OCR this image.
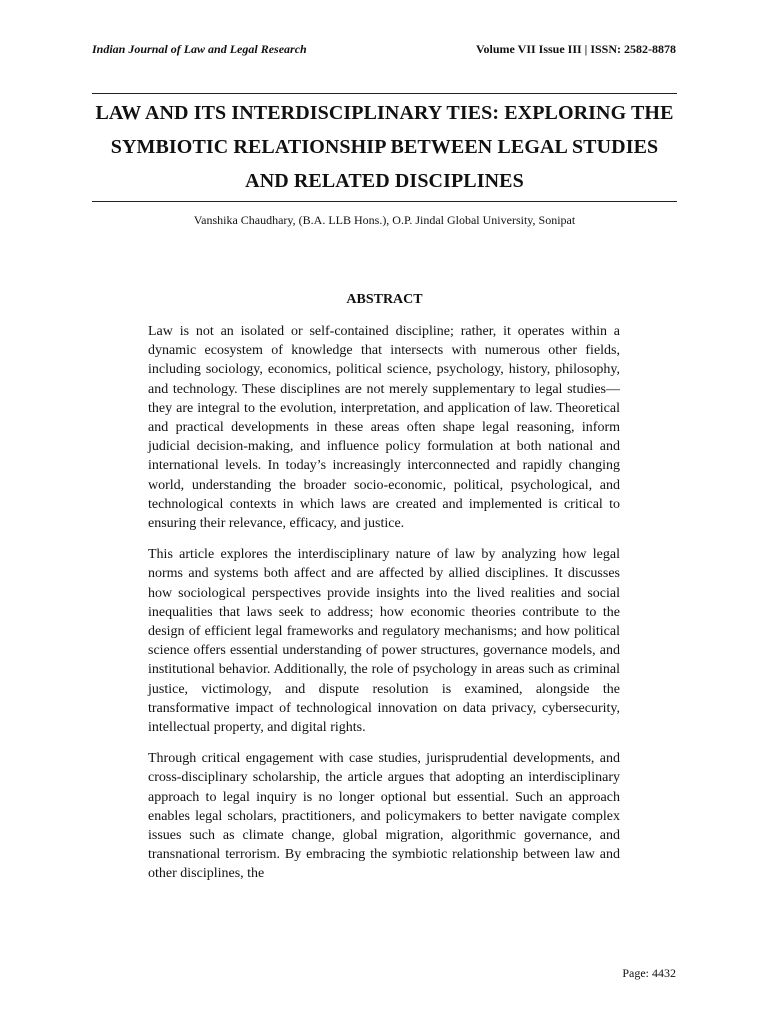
Indian Journal of Law and Legal Research	Volume VII Issue III | ISSN: 2582-8878
LAW AND ITS INTERDISCIPLINARY TIES: EXPLORING THE SYMBIOTIC RELATIONSHIP BETWEEN LEGAL STUDIES AND RELATED DISCIPLINES
Vanshika Chaudhary, (B.A. LLB Hons.), O.P. Jindal Global University, Sonipat
ABSTRACT

Law is not an isolated or self-contained discipline; rather, it operates within a dynamic ecosystem of knowledge that intersects with numerous other fields, including sociology, economics, political science, psychology, history, philosophy, and technology. These disciplines are not merely supplementary to legal studies—they are integral to the evolution, interpretation, and application of law. Theoretical and practical developments in these areas often shape legal reasoning, inform judicial decision-making, and influence policy formulation at both national and international levels. In today’s increasingly interconnected and rapidly changing world, understanding the broader socio-economic, political, psychological, and technological contexts in which laws are created and implemented is critical to ensuring their relevance, efficacy, and justice.

This article explores the interdisciplinary nature of law by analyzing how legal norms and systems both affect and are affected by allied disciplines. It discusses how sociological perspectives provide insights into the lived realities and social inequalities that laws seek to address; how economic theories contribute to the design of efficient legal frameworks and regulatory mechanisms; and how political science offers essential understanding of power structures, governance models, and institutional behavior. Additionally, the role of psychology in areas such as criminal justice, victimology, and dispute resolution is examined, alongside the transformative impact of technological innovation on data privacy, cybersecurity, intellectual property, and digital rights.

Through critical engagement with case studies, jurisprudential developments, and cross-disciplinary scholarship, the article argues that adopting an interdisciplinary approach to legal inquiry is no longer optional but essential. Such an approach enables legal scholars, practitioners, and policymakers to better navigate complex issues such as climate change, global migration, algorithmic governance, and transnational terrorism. By embracing the symbiotic relationship between law and other disciplines, the

Page: 4432
